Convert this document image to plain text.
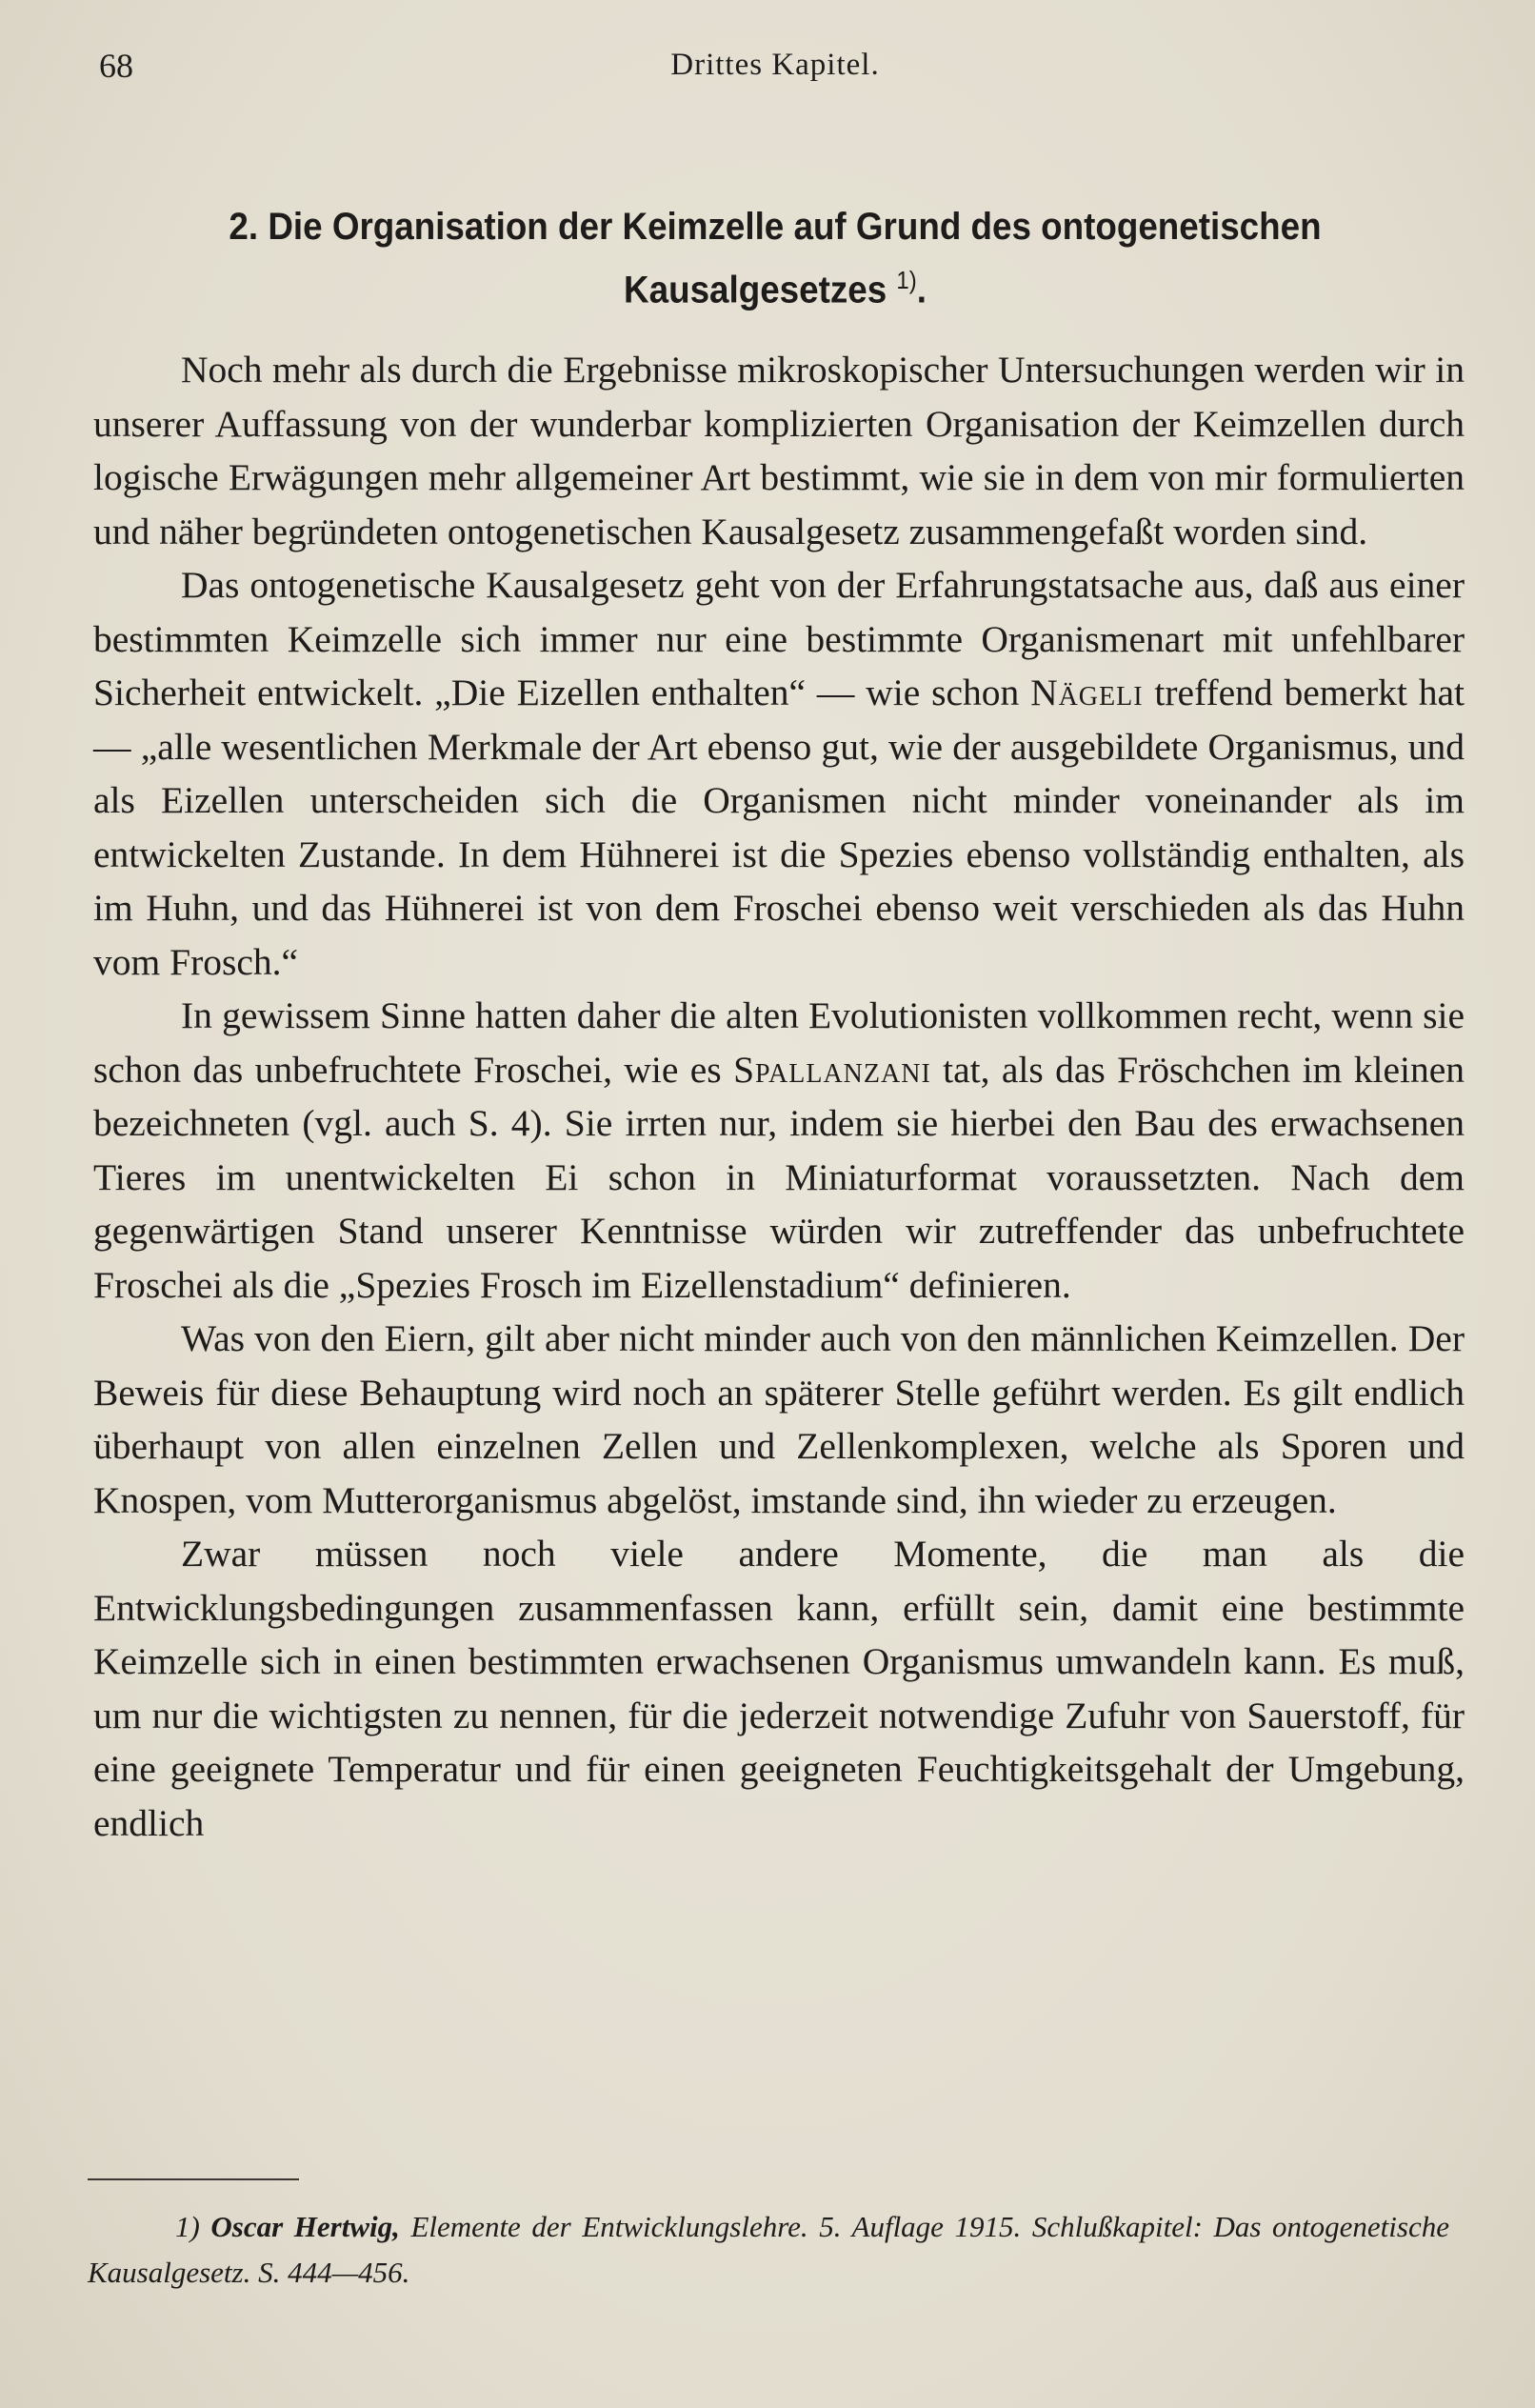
68	Drittes Kapitel.
2. Die Organisation der Keimzelle auf Grund des ontogenetischen Kausalgesetzes $^{1)}$.

Noch mehr als durch die Ergebnisse mikroskopischer Untersuchungen werden wir in unserer Auffassung von der wunderbar komplizierten Organisation der Keimzellen durch logische Erwägungen mehr allgemeiner Art bestimmt, wie sie in dem von mir formulierten und näher begründeten ontogenetischen Kausalgesetz zusammengefaßt worden sind.

Das ontogenetische Kausalgesetz geht von der Erfahrungstatsache aus, daß aus einer bestimmten Keimzelle sich immer nur eine bestimmte Organismenart mit unfehlbarer Sicherheit entwickelt. „Die Eizellen enthalten“ — wie schon Nägeli treffend bemerkt hat — „alle wesentlichen Merkmale der Art ebenso gut, wie der ausgebildete Organismus, und als Eizellen unterscheiden sich die Organismen nicht minder voneinander als im entwickelten Zustande. In dem Hühnerei ist die Spezies ebenso vollständig enthalten, als im Huhn, und das Hühnerei ist von dem Froschei ebenso weit verschieden als das Huhn vom Frosch.“

In gewissem Sinne hatten daher die alten Evolutionisten vollkommen recht, wenn sie schon das unbefruchtete Froschei, wie es Spallanzani tat, als das Fröschchen im kleinen bezeichneten (vgl. auch S. 4). Sie irrten nur, indem sie hierbei den Bau des erwachsenen Tieres im unentwickelten Ei schon in Miniaturformat voraussetzten. Nach dem gegenwärtigen Stand unserer Kenntnisse würden wir zutreffender das unbefruchtete Froschei als die „Spezies Frosch im Eizellenstadium“ definieren.

Was von den Eiern, gilt aber nicht minder auch von den männlichen Keimzellen. Der Beweis für diese Behauptung wird noch an späterer Stelle geführt werden. Es gilt endlich überhaupt von allen einzelnen Zellen und Zellenkomplexen, welche als Sporen und Knospen, vom Mutterorganismus abgelöst, imstande sind, ihn wieder zu erzeugen.

Zwar müssen noch viele andere Momente, die man als die Entwicklungsbedingungen zusammenfassen kann, erfüllt sein, damit eine bestimmte Keimzelle sich in einen bestimmten erwachsenen Organismus umwandeln kann. Es muß, um nur die wichtigsten zu nennen, für die jederzeit notwendige Zufuhr von Sauerstoff, für eine geeignete Temperatur und für einen geeigneten Feuchtigkeitsgehalt der Umgebung, endlich

1) Oscar Hertwig, Elemente der Entwicklungslehre. 5. Auflage 1915. Schlußkapitel: Das ontogenetische Kausalgesetz. S. 444—456.
